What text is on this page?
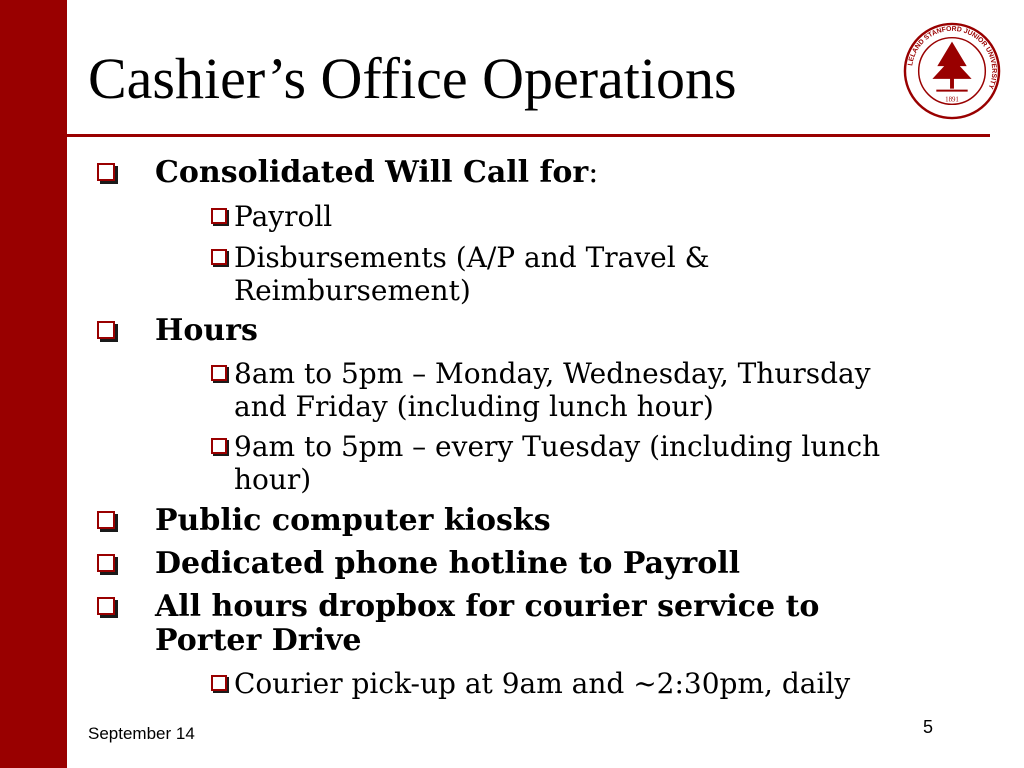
Cashier’s Office Operations	LELAND STANFORD JUNIOR UNIVERSITY
1891
Consolidated Will Call for:
Payroll
Disbursements (A/P and Travel &
Reimbursement)
Hours
8am to 5pm – Monday, Wednesday, Thursday
and Friday (including lunch hour)
9am to 5pm – every Tuesday (including lunch
hour)
Public computer kiosks
Dedicated phone hotline to Payroll
All hours dropbox for courier service to
Porter Drive
Courier pick-up at 9am and ~2:30pm, daily
September 14	5
